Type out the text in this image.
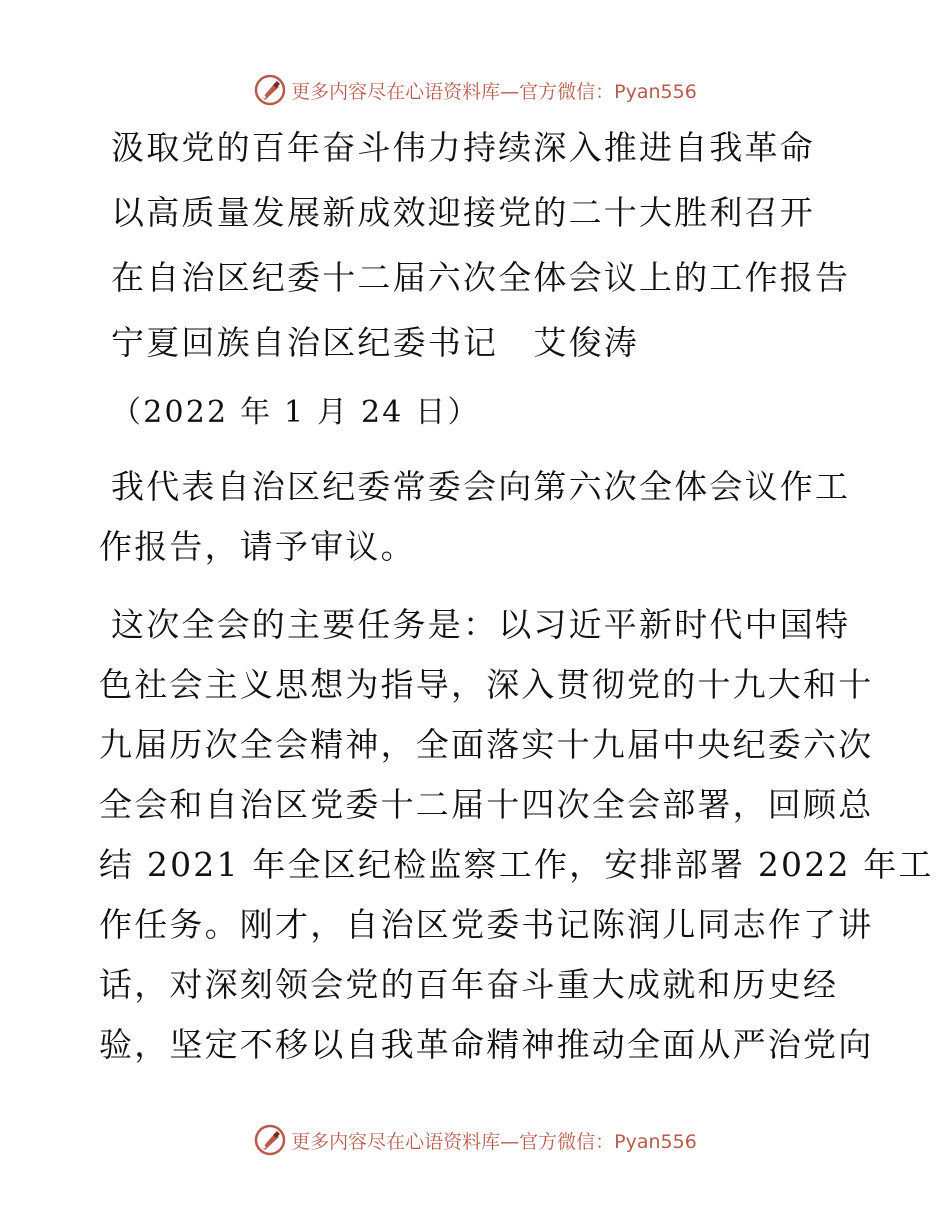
更多内容尽在心语资料库—官方微信：Pyan556
汲取党的百年奋斗伟力持续深入推进自我革命
以高质量发展新成效迎接党的二十大胜利召开
在自治区纪委十二届六次全体会议上的工作报告
宁夏回族自治区纪委书记　艾俊涛
（2022 年 1 月 24 日）
我代表自治区纪委常委会向第六次全体会议作工
作报告，请予审议。
这次全会的主要任务是：以习近平新时代中国特
色社会主义思想为指导，深入贯彻党的十九大和十
九届历次全会精神，全面落实十九届中央纪委六次
全会和自治区党委十二届十四次全会部署，回顾总
结 2021 年全区纪检监察工作，安排部署 2022 年工
作任务。刚才，自治区党委书记陈润儿同志作了讲
话，对深刻领会党的百年奋斗重大成就和历史经
验，坚定不移以自我革命精神推动全面从严治党向
更多内容尽在心语资料库—官方微信：Pyan556
